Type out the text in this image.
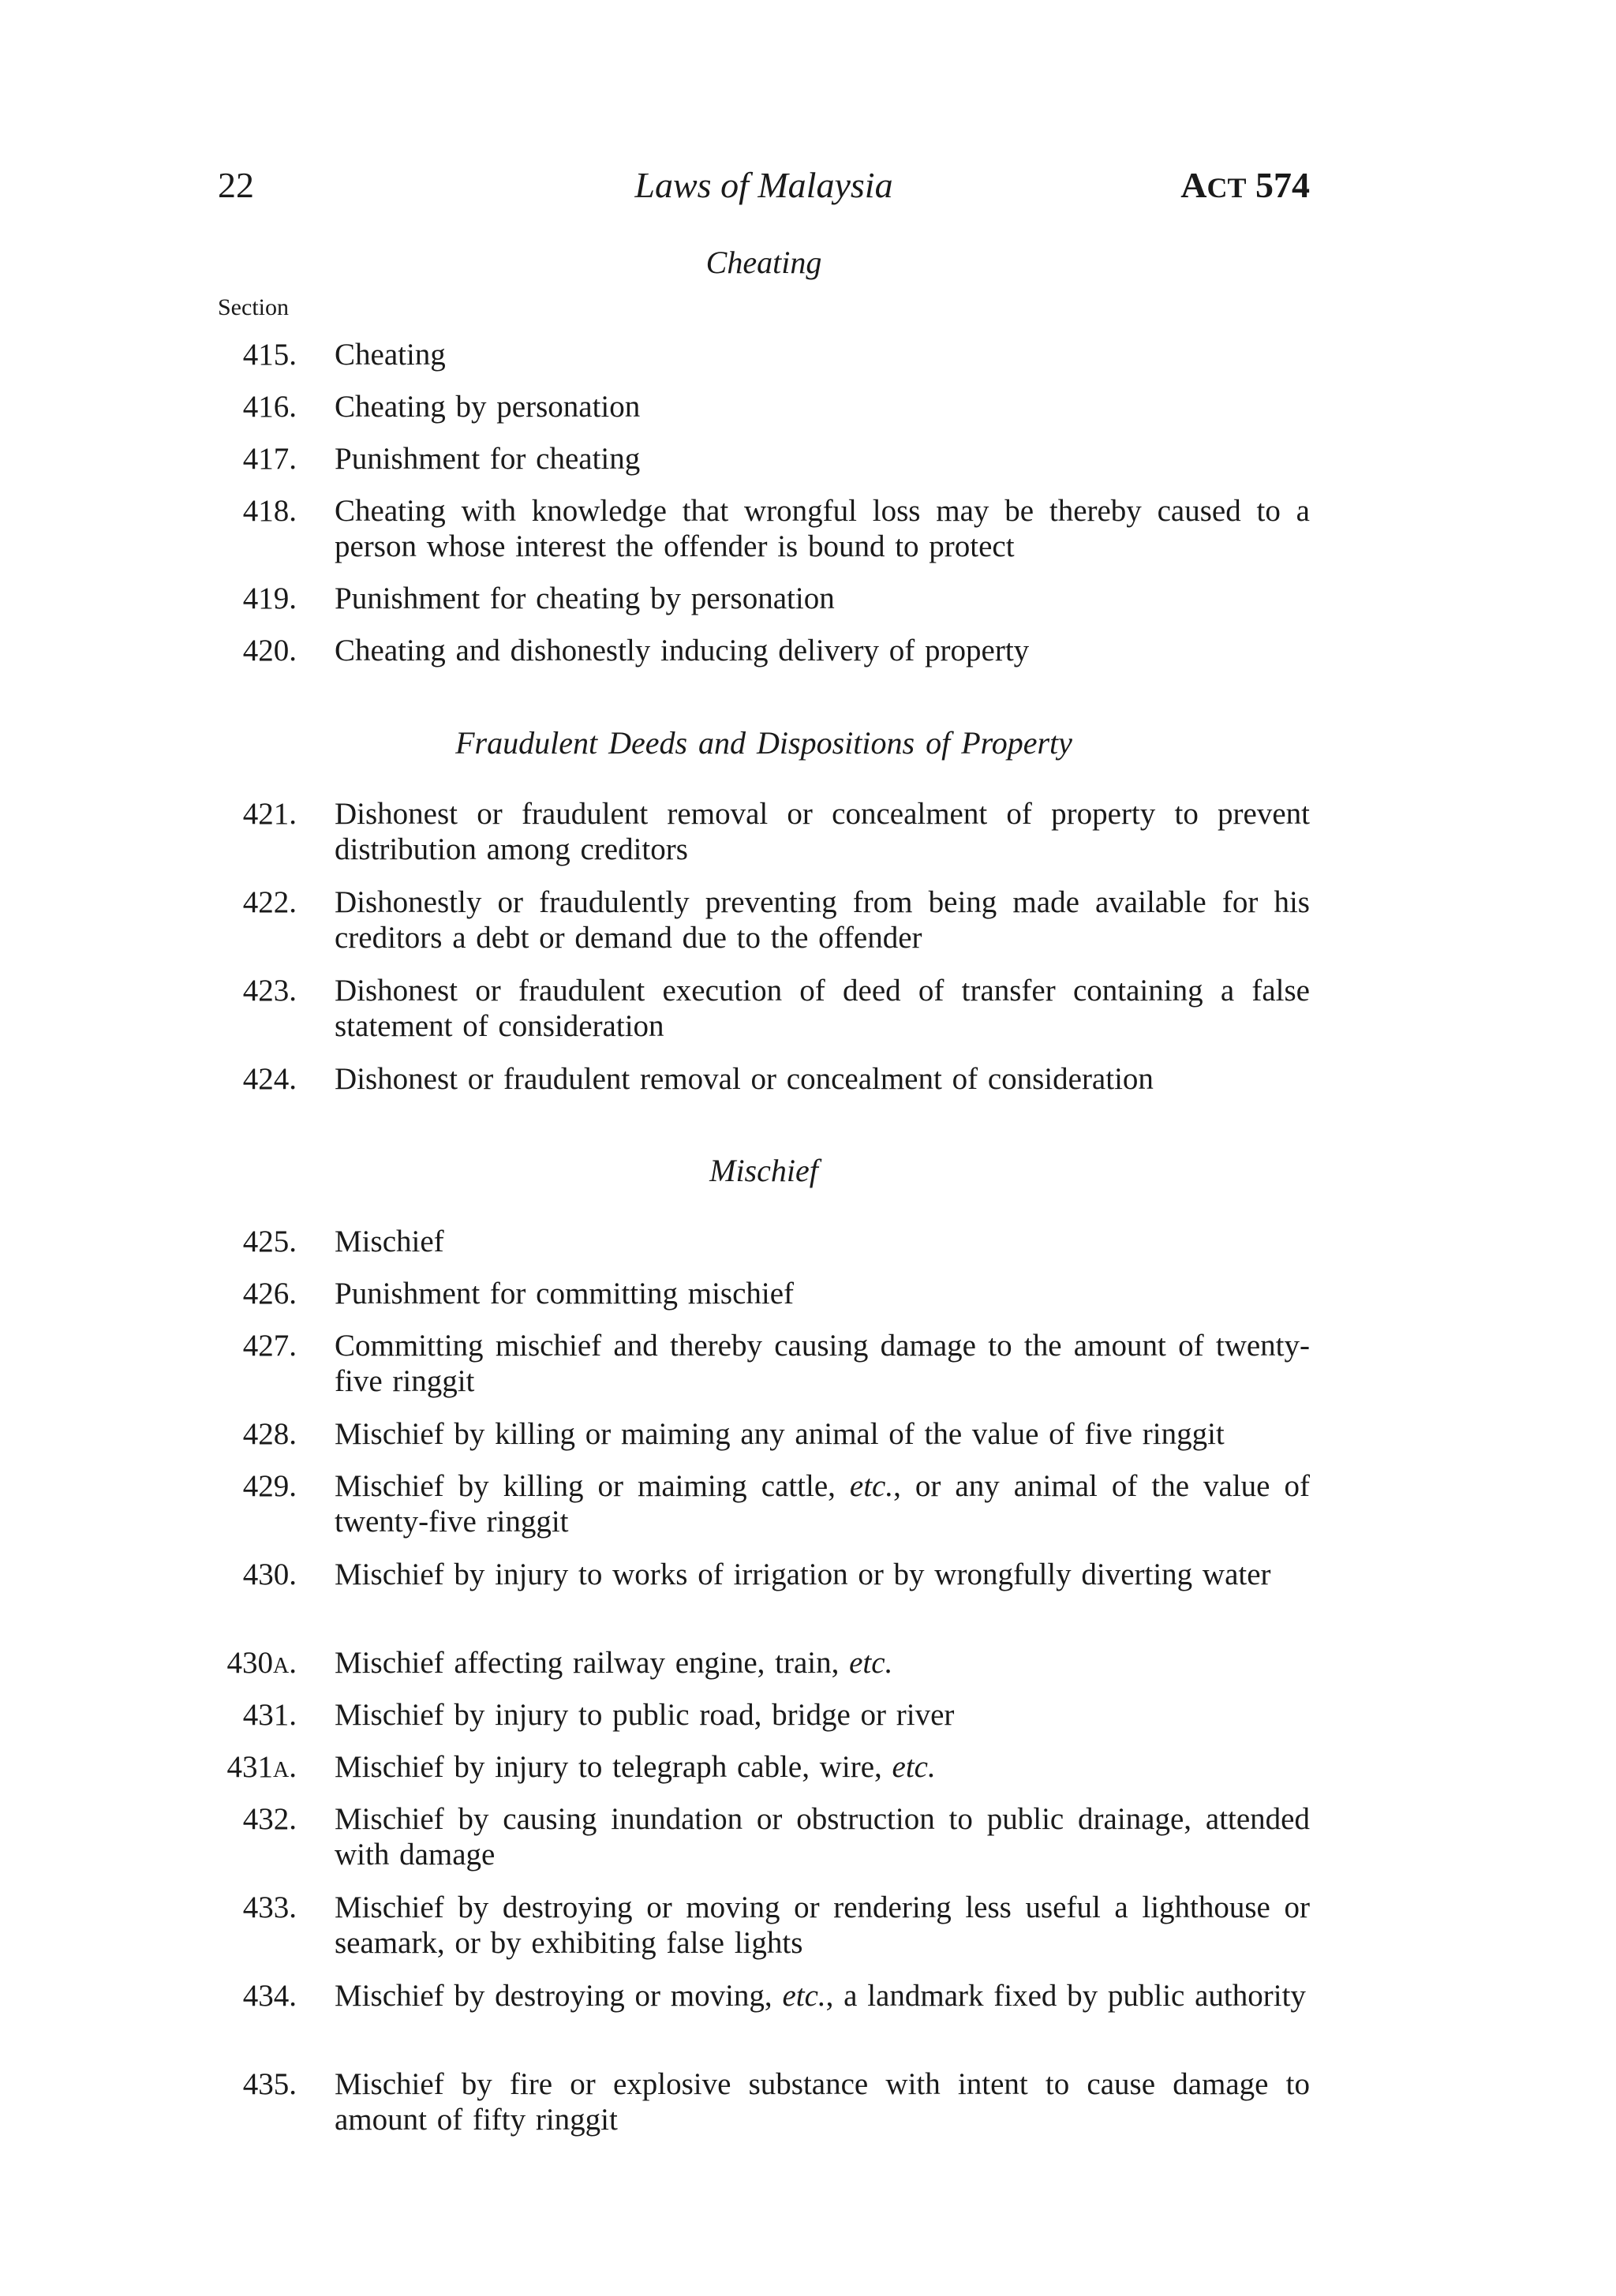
22	Laws of Malaysia	ACT 574
Cheating
Section
415. Cheating
416. Cheating by personation
417. Punishment for cheating
418. Cheating with knowledge that wrongful loss may be thereby caused to a person whose interest the offender is bound to protect
419. Punishment for cheating by personation
420. Cheating and dishonestly inducing delivery of property
Fraudulent Deeds and Dispositions of Property
421. Dishonest or fraudulent removal or concealment of property to prevent distribution among creditors
422. Dishonestly or fraudulently preventing from being made available for his creditors a debt or demand due to the offender
423. Dishonest or fraudulent execution of deed of transfer containing a false statement of consideration
424. Dishonest or fraudulent removal or concealment of consideration
Mischief
425. Mischief
426. Punishment for committing mischief
427. Committing mischief and thereby causing damage to the amount of twenty-five ringgit
428. Mischief by killing or maiming any animal of the value of five ringgit
429. Mischief by killing or maiming cattle, etc., or any animal of the value of twenty-five ringgit
430. Mischief by injury to works of irrigation or by wrongfully diverting water
430A. Mischief affecting railway engine, train, etc.
431. Mischief by injury to public road, bridge or river
431A. Mischief by injury to telegraph cable, wire, etc.
432. Mischief by causing inundation or obstruction to public drainage, attended with damage
433. Mischief by destroying or moving or rendering less useful a lighthouse or seamark, or by exhibiting false lights
434. Mischief by destroying or moving, etc., a landmark fixed by public authority
435. Mischief by fire or explosive substance with intent to cause damage to amount of fifty ringgit
